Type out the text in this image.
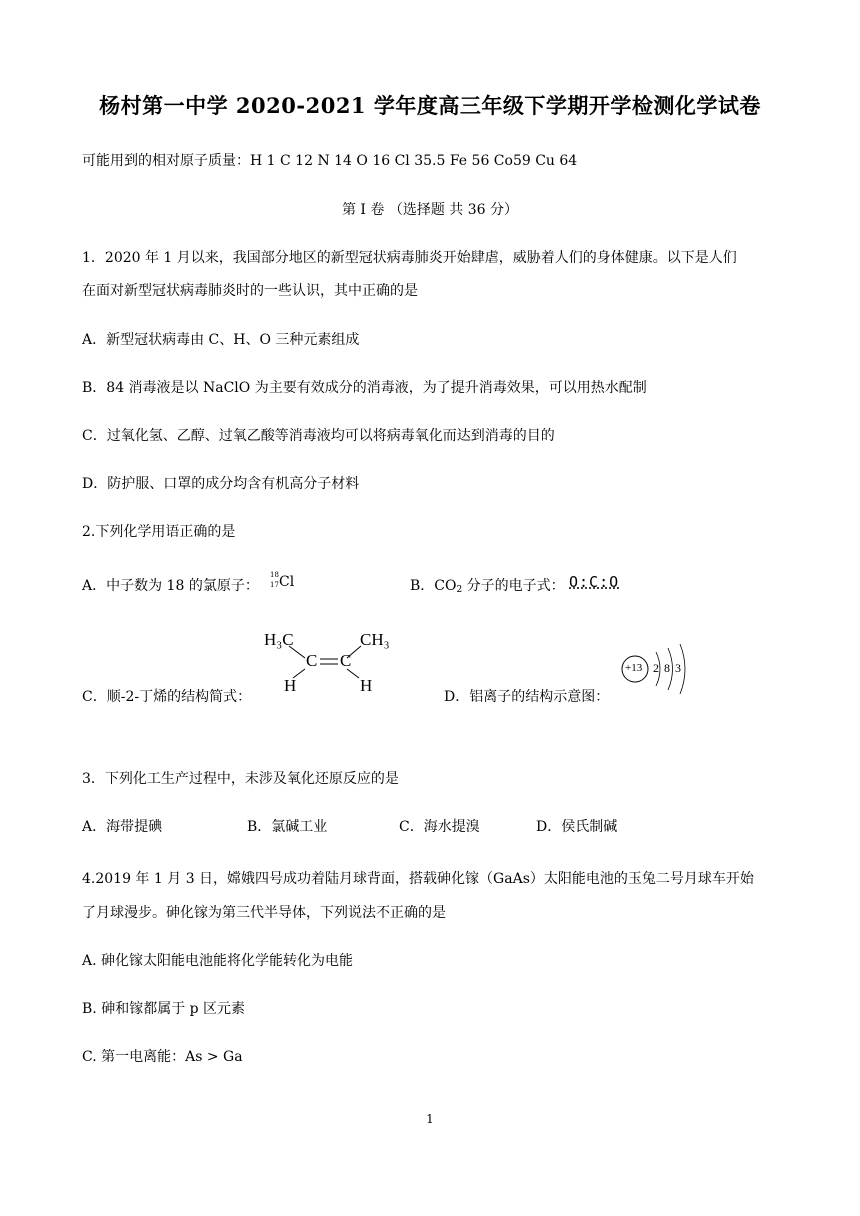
杨村第一中学 2020-2021 学年度高三年级下学期开学检测化学试卷
可能用到的相对原子质量：H 1 C 12 N 14 O 16 Cl 35.5 Fe 56 Co59 Cu 64
第 I 卷 （选择题 共 36 分）
1．2020 年 1 月以来，我国部分地区的新型冠状病毒肺炎开始肆虐，威胁着人们的身体健康。以下是人们
在面对新型冠状病毒肺炎时的一些认识，其中正确的是
A．新型冠状病毒由 C、H、O 三种元素组成
B．84 消毒液是以 NaClO 为主要有效成分的消毒液，为了提升消毒效果，可以用热水配制
C．过氧化氢、乙醇、过氧乙酸等消毒液均可以将病毒氧化而达到消毒的目的
D．防护服、口罩的成分均含有机高分子材料
2.下列化学用语正确的是
A．中子数为 18 的氯原子：
18
17 Cl	B．$CO_2$ 分子的电子式： O:C:O
C．顺-2-丁烯的结构简式：
H₃C	CH₃
C C
H	H
D．铝离子的结构示意图：
+13 2 8 3
3．下列化工生产过程中，未涉及氧化还原反应的是
A．海带提碘	B．氯碱工业	C．海水提溴	D．侯氏制碱
4.2019 年 1 月 3 日，嫦娥四号成功着陆月球背面，搭载砷化镓（GaAs）太阳能电池的玉兔二号月球车开始
了月球漫步。砷化镓为第三代半导体，下列说法不正确的是
A. 砷化镓太阳能电池能将化学能转化为电能
B. 砷和镓都属于 p 区元素
C. 第一电离能：As > Ga
1
